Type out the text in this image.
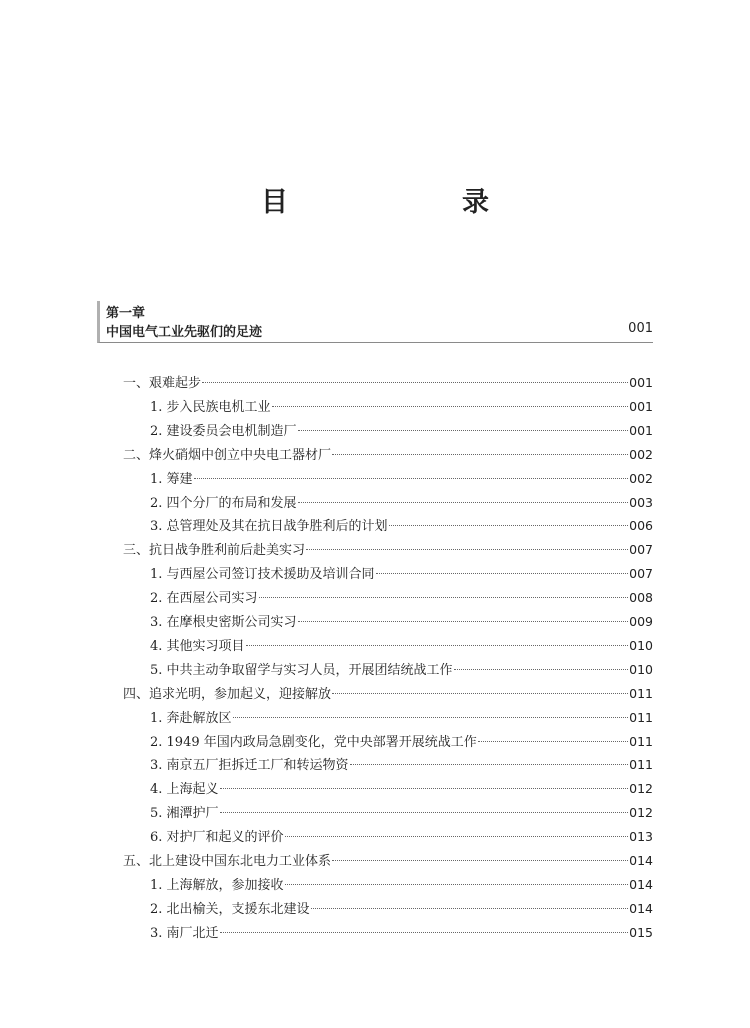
目　　录
第一章
中国电气工业先驱们的足迹	001
一、艰难起步	001
1. 步入民族电机工业	001
2. 建设委员会电机制造厂	001
二、烽火硝烟中创立中央电工器材厂	002
1. 筹建	002
2. 四个分厂的布局和发展	003
3. 总管理处及其在抗日战争胜利后的计划	006
三、抗日战争胜利前后赴美实习	007
1. 与西屋公司签订技术援助及培训合同	007
2. 在西屋公司实习	008
3. 在摩根史密斯公司实习	009
4. 其他实习项目	010
5. 中共主动争取留学与实习人员，开展团结统战工作	010
四、追求光明，参加起义，迎接解放	011
1. 奔赴解放区	011
2. 1949 年国内政局急剧变化，党中央部署开展统战工作	011
3. 南京五厂拒拆迁工厂和转运物资	011
4. 上海起义	012
5. 湘潭护厂	012
6. 对护厂和起义的评价	013
五、北上建设中国东北电力工业体系	014
1. 上海解放，参加接收	014
2. 北出榆关，支援东北建设	014
3. 南厂北迁	015
